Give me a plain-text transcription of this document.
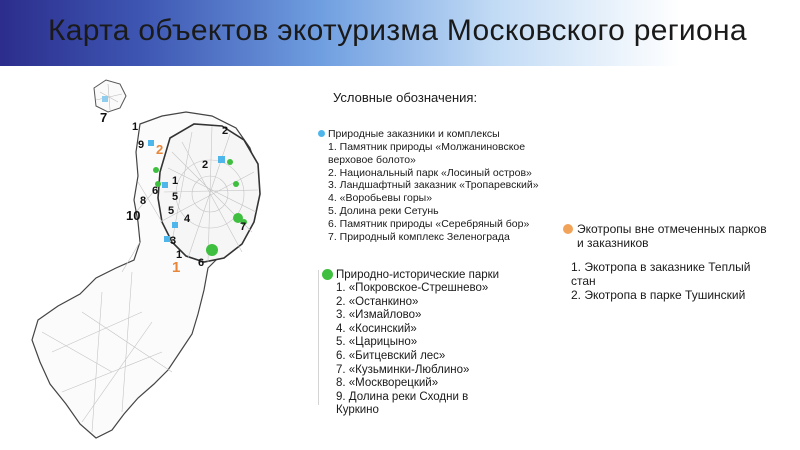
Карта объектов экотуризма Московского региона
7
1	2
9
2
1
6 5
8
10	5
4
7
3
1
6
2
1
Условные обозначения:
Природные заказники и комплексы
1. Памятник природы «Молжаниновское верховое болото»
2. Национальный парк «Лосиный остров»
3. Ландшафтный заказник «Тропаревский»
4. «Воробьевы горы»
5. Долина реки Сетунь
6. Памятник природы «Серебряный бор»
7. Природный комплекс Зеленограда
Природно-исторические парки
1. «Покровское-Стрешнево»
2. «Останкино»
3. «Измайлово»
4. «Косинский»
5. «Царицыно»
6. «Битцевский лес»
7. «Кузьминки-Люблино»
8. «Москворецкий»
9. Долина реки Сходни в Куркино
Экотропы вне отмеченных парков и заказников
1. Экотропа в заказнике Теплый стан
2. Экотропа в парке Тушинский
